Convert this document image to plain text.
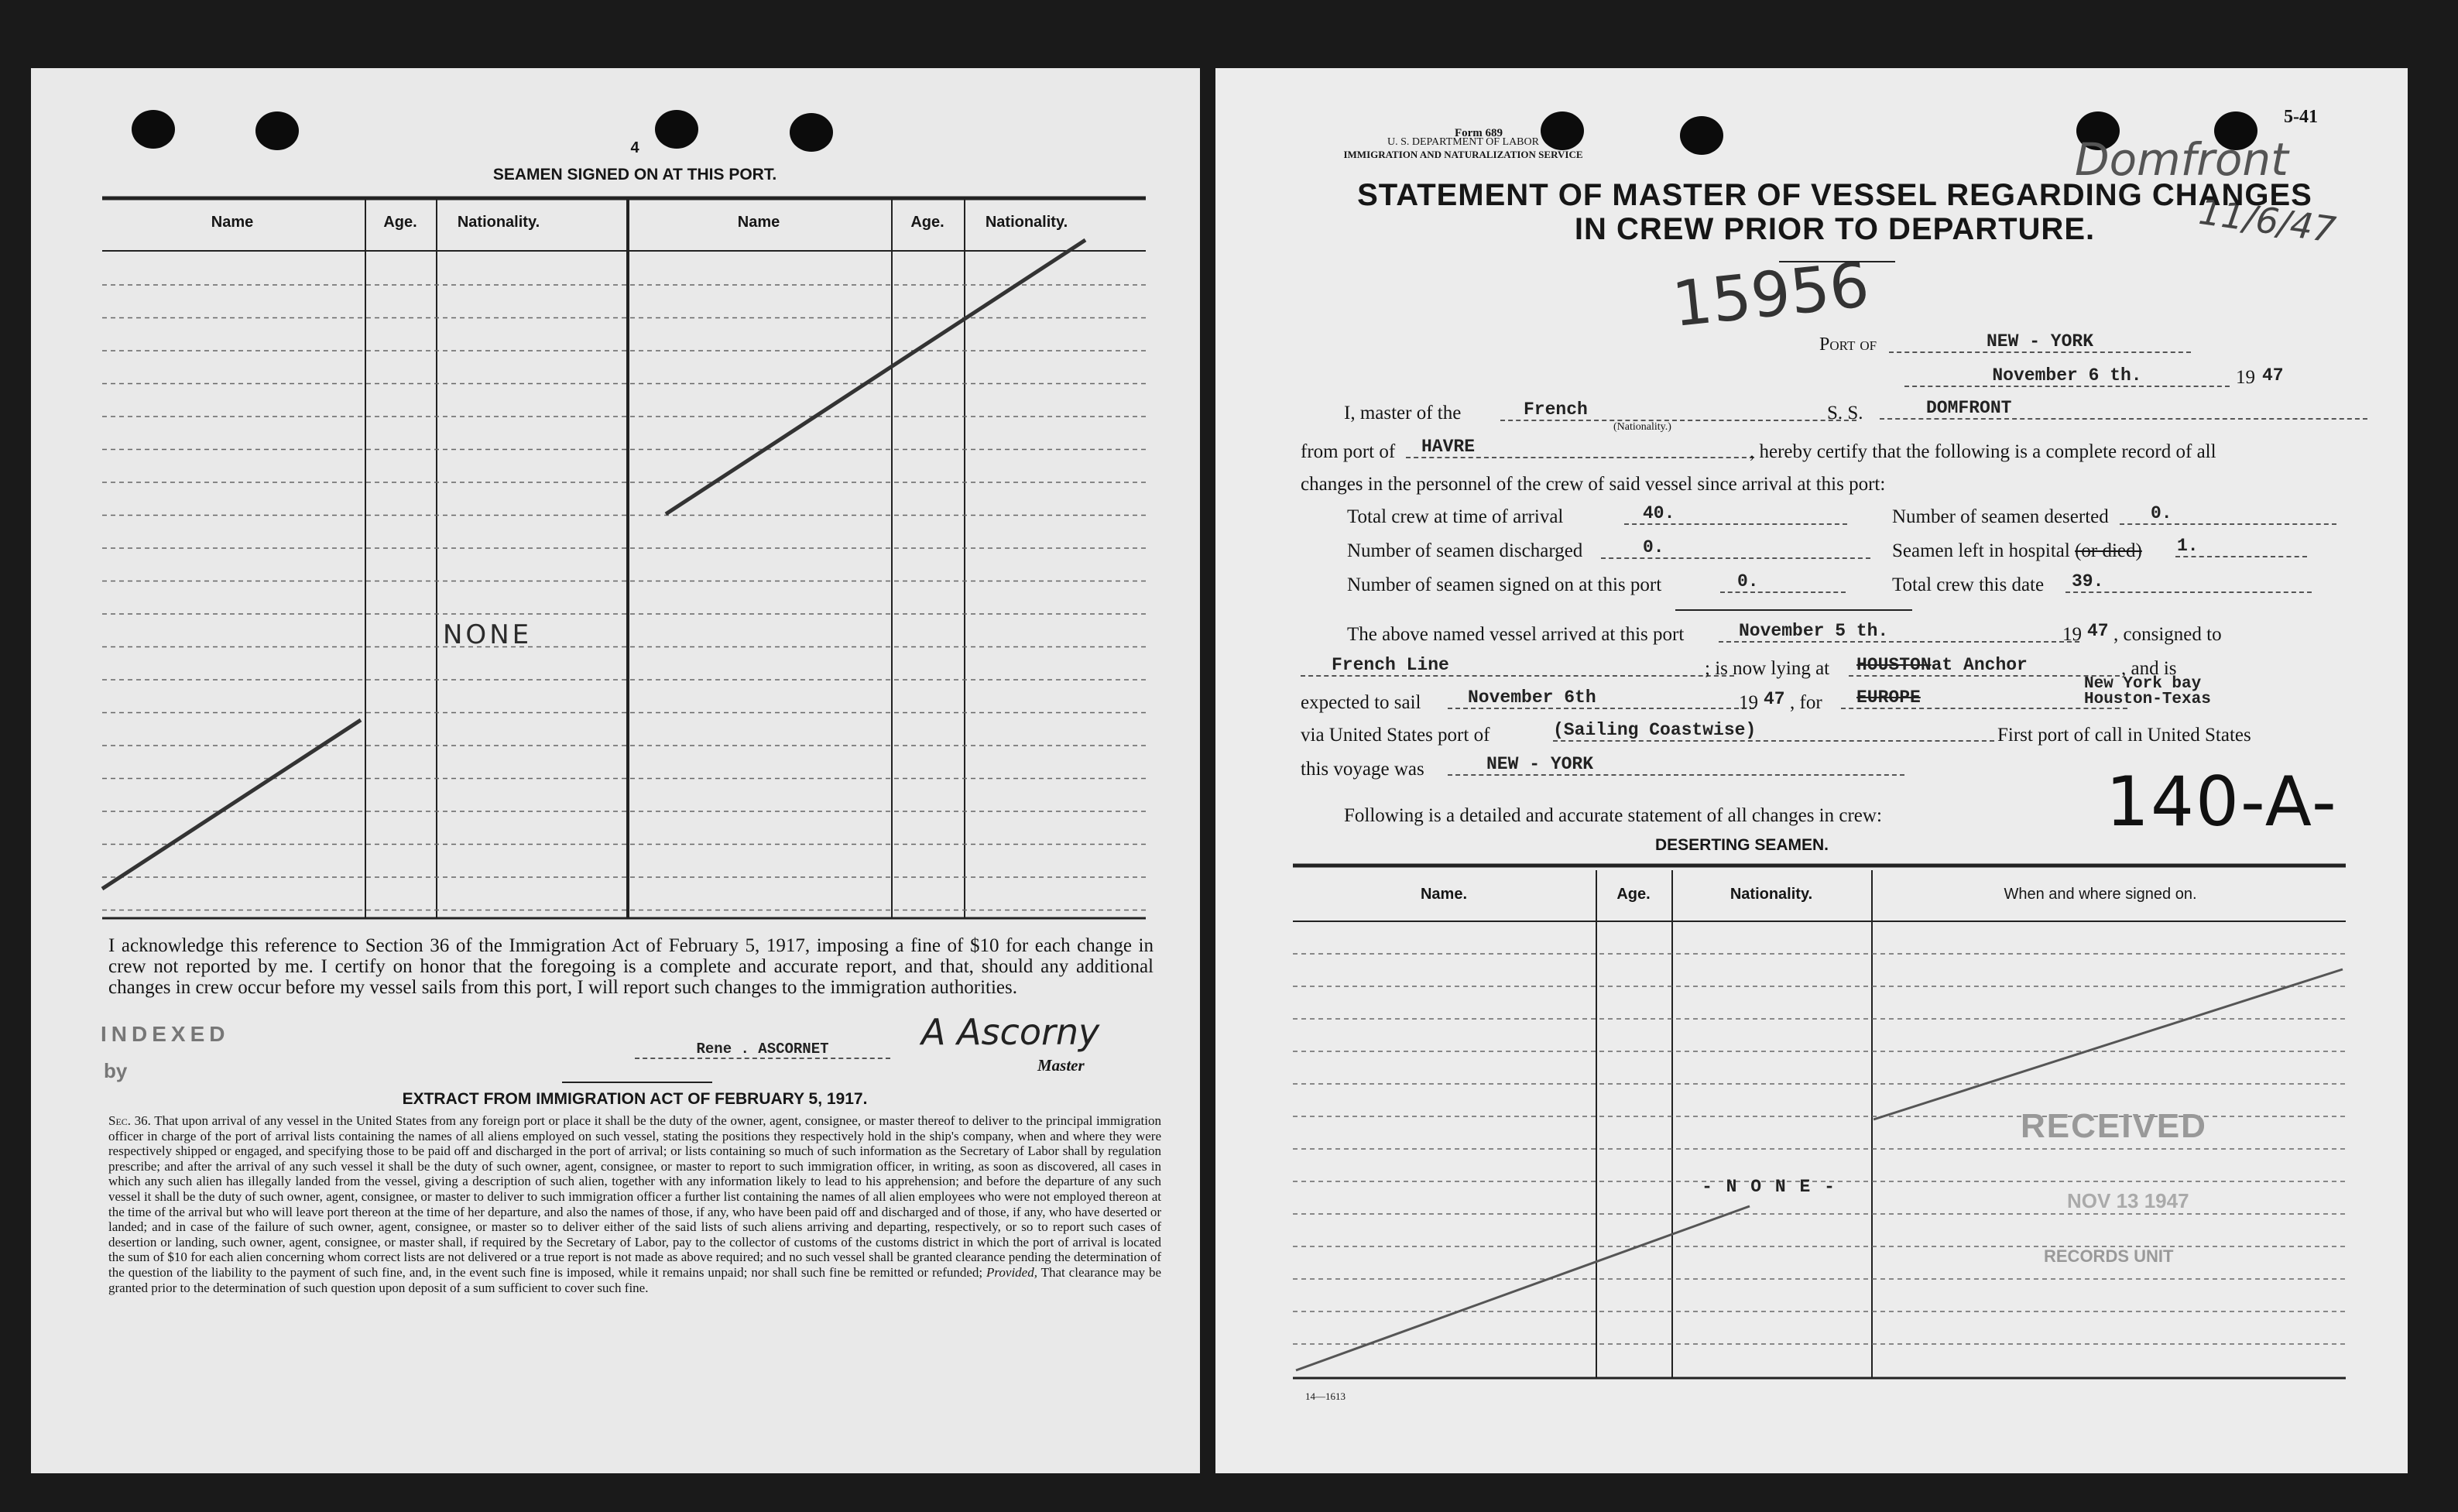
4
SEAMEN SIGNED ON AT THIS PORT.
Name	Age.	Nationality.	Name	Age.	Nationality.
NONE
I acknowledge this reference to Section 36 of the Immigration Act of February 5, 1917, imposing a fine of $10 for each change in crew not reported by me. I certify on honor that the foregoing is a complete and accurate report, and that, should any additional changes in crew occur before my vessel sails from this port, I will report such changes to the immigration authorities.
INDEXED
by
Rene . ASCORNET	A Ascorny
Master
EXTRACT FROM IMMIGRATION ACT OF FEBRUARY 5, 1917.
Sec. 36. That upon arrival of any vessel in the United States from any foreign port or place it shall be the duty of the owner, agent, consignee, or master thereof to deliver to the principal immigration officer in charge of the port of arrival lists containing the names of all aliens employed on such vessel, stating the positions they respectively hold in the ship's company, when and where they were respectively shipped or engaged, and specifying those to be paid off and discharged in the port of arrival; or lists containing so much of such information as the Secretary of Labor shall by regulation prescribe; and after the arrival of any such vessel it shall be the duty of such owner, agent, consignee, or master to report to such immigration officer, in writing, as soon as discovered, all cases in which any such alien has illegally landed from the vessel, giving a description of such alien, together with any information likely to lead to his apprehension; and before the departure of any such vessel it shall be the duty of such owner, agent, consignee, or master to deliver to such immigration officer a further list containing the names of all alien employees who were not employed thereon at the time of the arrival but who will leave port thereon at the time of her departure, and also the names of those, if any, who have been paid off and discharged and of those, if any, who have deserted or landed; and in case of the failure of such owner, agent, consignee, or master so to deliver either of the said lists of such aliens arriving and departing, respectively, or so to report such cases of desertion or landing, such owner, agent, consignee, or master shall, if required by the Secretary of Labor, pay to the collector of customs of the customs district in which the port of arrival is located the sum of $10 for each alien concerning whom correct lists are not delivered or a true report is not made as above required; and no such vessel shall be granted clearance pending the determination of the question of the liability to the payment of such fine, and, in the event such fine is imposed, while it remains unpaid; nor shall such fine be remitted or refunded; Provided, That clearance may be granted prior to the determination of such question upon deposit of a sum sufficient to cover such fine.
Form 689
U. S. DEPARTMENT OF LABOR
IMMIGRATION AND NATURALIZATION SERVICE
5-41
Domfront
11/6/47
STATEMENT OF MASTER OF VESSEL REGARDING CHANGES
IN CREW PRIOR TO DEPARTURE.
15956
Port of	NEW - YORK
November 6 th.	19 47
I, master of the	French
(Nationality.)
S. S.	DOMFRONT
from port of	HAVRE	, hereby certify that the following is a complete record of all
changes in the personnel of the crew of said vessel since arrival at this port:
Total crew at time of arrival	40.	Number of seamen deserted	0.
Number of seamen discharged	0.	Seamen left in hospital (or died) 1.
Number of seamen signed on at this port	0.	Total crew this date	39.
The above named vessel arrived at this port	November 5 th.	19 47 , consigned to
French Line	; is now lying at	HOUSTONat Anchor	, and is
expected to sail	November 6th	19 47 , for	EUROPE
New York bay
Houston-Texas
via United States port of	(Sailing Coastwise)	First port of call in United States
this voyage was	NEW - YORK
Following is a detailed and accurate statement of all changes in crew:	140-A-
DESERTING SEAMEN.
Name.	Age.	Nationality.	When and where signed on.
- N O N E -
RECEIVED
NOV 13 1947
RECORDS UNIT
14—1613
